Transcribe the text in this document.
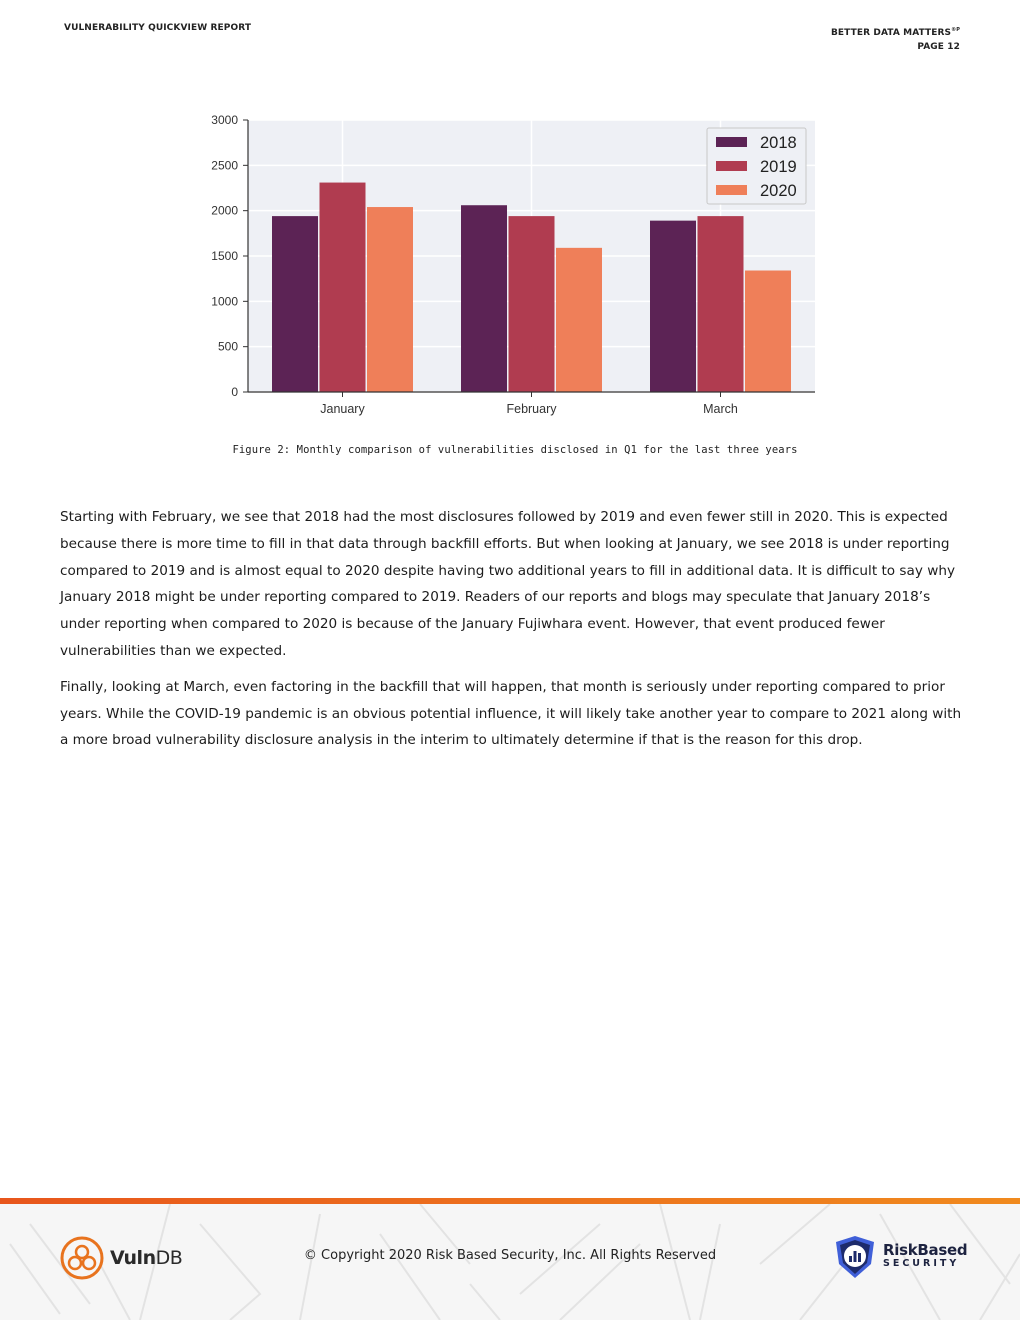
VULNERABILITY QUICKVIEW REPORT	BETTER DATA $MATTERS^{®P}$
PAGE 12
0
500
1000
1500
2000
2500
3000
January	February	March
2018
2019
2020
Figure 2: Monthly comparison of vulnerabilities disclosed in Q1 for the last three years

Starting with February, we see that 2018 had the most disclosures followed by 2019 and even fewer still in 2020. This is expected because there is more time to fill in that data through backfill efforts. But when looking at January, we see 2018 is under reporting compared to 2019 and is almost equal to 2020 despite having two additional years to fill in additional data. It is difficult to say why January 2018 might be under reporting compared to 2019. Readers of our reports and blogs may speculate that January 2018’s under reporting when compared to 2020 is because of the January Fujiwhara event. However, that event produced fewer vulnerabilities than we expected.

Finally, looking at March, even factoring in the backfill that will happen, that month is seriously under reporting compared to prior years. While the COVID-19 pandemic is an obvious potential influence, it will likely take another year to compare to 2021 along with a more broad vulnerability disclosure analysis in the interim to ultimately determine if that is the reason for this drop.

VulnDB	© Copyright 2020 Risk Based Security, Inc. All Rights Reserved	RiskBased
SECURITY
